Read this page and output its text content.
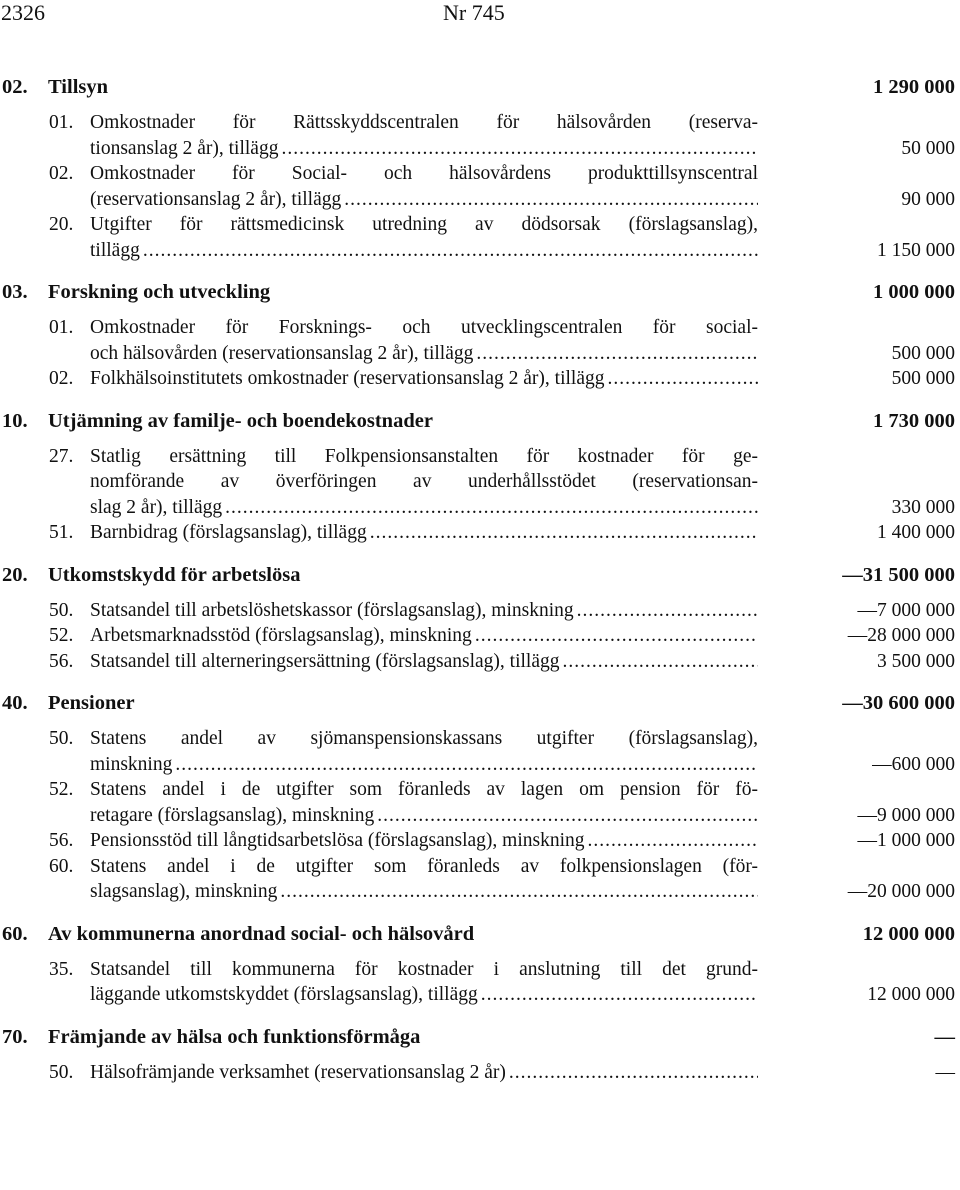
2326	Nr 745
02. Tillsyn	1 290 000
01. Omkostnader för Rättsskyddscentralen för hälsovården (reserva-
tionsanslag 2 år), tillägg .....	50 000
02. Omkostnader för Social- och hälsovårdens produkttillsynscentral
(reservationsanslag 2 år), tillägg .....	90 000
20. Utgifter för rättsmedicinsk utredning av dödsorsak (förslagsanslag),
tillägg .....	1 150 000
03. Forskning och utveckling	1 000 000
01. Omkostnader för Forsknings- och utvecklingscentralen för social-
och hälsovården (reservationsanslag 2 år), tillägg .....	500 000
02. Folkhälsoinstitutets omkostnader (reservationsanslag 2 år), tillägg .....	500 000
10. Utjämning av familje- och boendekostnader	1 730 000
27. Statlig ersättning till Folkpensionsanstalten för kostnader för ge-
nomförande av överföringen av underhållsstödet (reservationsan-
slag 2 år), tillägg .....	330 000
51. Barnbidrag (förslagsanslag), tillägg .....	1 400 000
20. Utkomstskydd för arbetslösa	—31 500 000
50. Statsandel till arbetslöshetskassor (förslagsanslag), minskning .....	—7 000 000
52. Arbetsmarknadsstöd (förslagsanslag), minskning .....	—28 000 000
56. Statsandel till alterneringsersättning (förslagsanslag), tillägg .....	3 500 000
40. Pensioner	—30 600 000
50. Statens andel av sjömanspensionskassans utgifter (förslagsanslag),
minskning .....	—600 000
52. Statens andel i de utgifter som föranleds av lagen om pension för fö-
retagare (förslagsanslag), minskning .....	—9 000 000
56. Pensionsstöd till långtidsarbetslösa (förslagsanslag), minskning .....	—1 000 000
60. Statens andel i de utgifter som föranleds av folkpensionslagen (för-
slagsanslag), minskning .....	—20 000 000
60. Av kommunerna anordnad social- och hälsovård	12 000 000
35. Statsandel till kommunerna för kostnader i anslutning till det grund-
läggande utkomstskyddet (förslagsanslag), tillägg .....	12 000 000
70. Främjande av hälsa och funktionsförmåga	—
50. Hälsofrämjande verksamhet (reservationsanslag 2 år) .....	—
